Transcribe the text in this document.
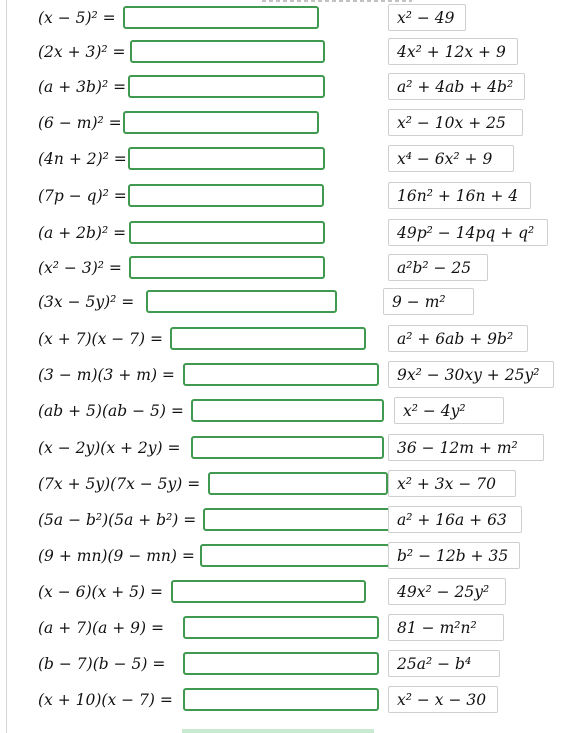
(x − 5)² =	x² − 49
(2x + 3)² =	4x² + 12x + 9
(a + 3b)² =	a² + 4ab + 4b²
(6 − m)² =	x² − 10x + 25
(4n + 2)² =	x⁴ − 6x² + 9
(7p − q)² =	16n² + 16n + 4
(a + 2b)² =	49p² − 14pq + q²
(x² − 3)² =	a²b² − 25
(3x − 5y)² =	9 − m²
(x + 7)(x − 7) =	a² + 6ab + 9b²
(3 − m)(3 + m) =	9x² − 30xy + 25y²
(ab + 5)(ab − 5) =	x² − 4y²
(x − 2y)(x + 2y) =	36 − 12m + m²
(7x + 5y)(7x − 5y) =	x² + 3x − 70
(5a − b²)(5a + b²) =	a² + 16a + 63
(9 + mn)(9 − mn) =	b² − 12b + 35
(x − 6)(x + 5) =	49x² − 25y²
(a + 7)(a + 9) =	81 − m²n²
(b − 7)(b − 5) =	25a² − b⁴
(x + 10)(x − 7) =	x² − x − 30
